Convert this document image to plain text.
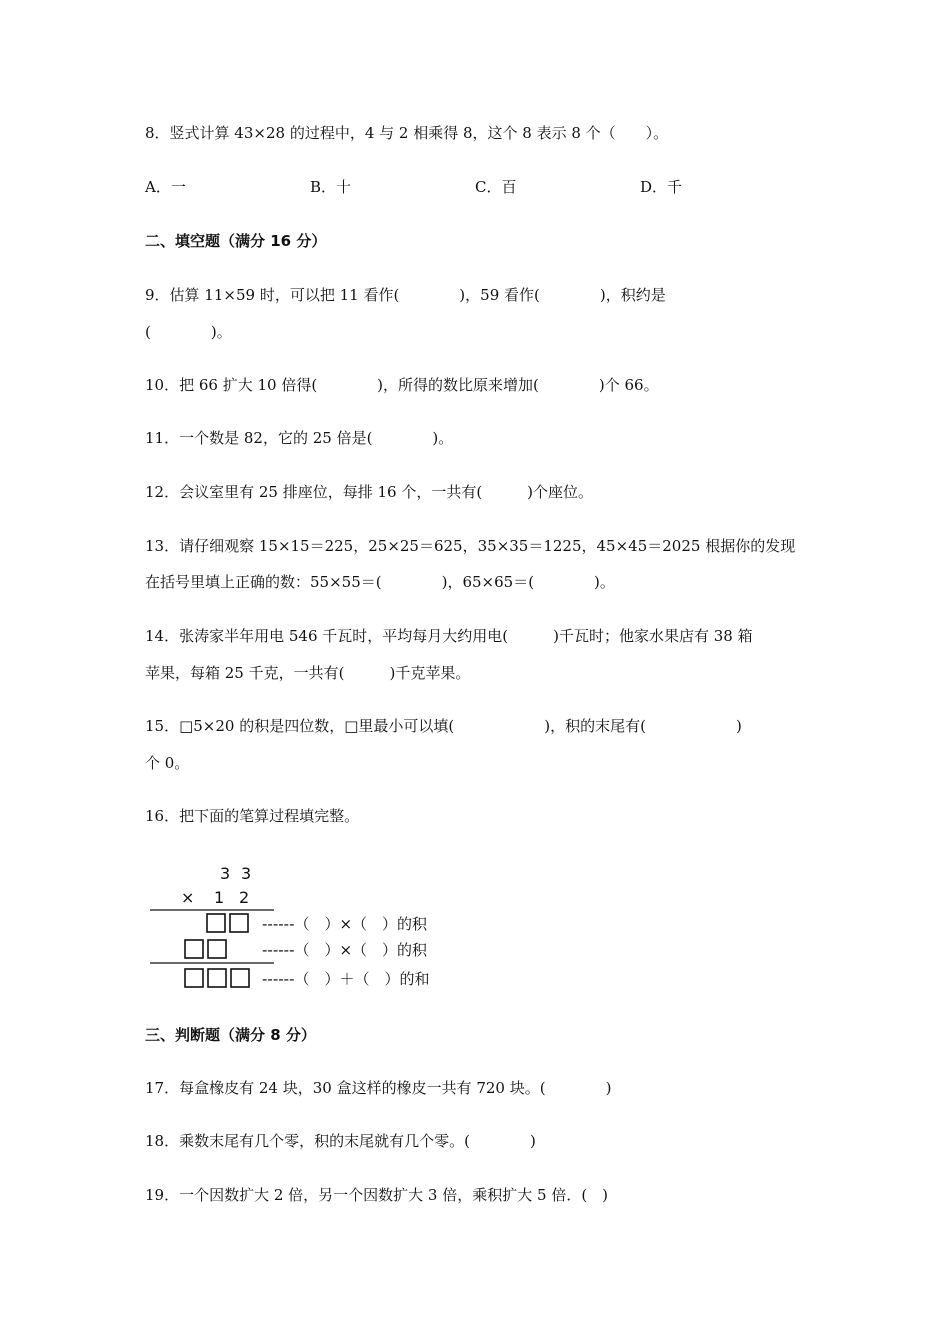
8．竖式计算 43×28 的过程中，4 与 2 相乘得 8，这个 8 表示 8 个（　　）。
A．一	B．十	C．百	D．千
二、填空题（满分 16 分）
9．估算 11×59 时，可以把 11 看作(　　　　)，59 看作(　　　　)，积约是
(　　　　)。
10．把 66 扩大 10 倍得(　　　　)，所得的数比原来增加(　　　　)个 66。
11．一个数是 82，它的 25 倍是(　　　　)。
12．会议室里有 25 排座位，每排 16 个，一共有(　　　)个座位。
13．请仔细观察 15×15＝225，25×25＝625，35×35＝1225，45×45＝2025 根据你的发现
在括号里填上正确的数：55×55＝(　　　　)，65×65＝(　　　　)。
14．张涛家半年用电 546 千瓦时，平均每月大约用电(　　　)千瓦时；他家水果店有 38 箱
苹果，每箱 25 千克，一共有(　　　)千克苹果。
15．□5×20 的积是四位数，□里最小可以填(　　　　　　)，积的末尾有(　　　　　　)
个 0。
16．把下面的笔算过程填完整。
3 3
× 1 2
------（　）×（　）的积
------（　）×（　）的积
------（　）＋（　）的和
三、判断题（满分 8 分）
17．每盒橡皮有 24 块，30 盒这样的橡皮一共有 720 块。(　　　　)
18．乘数末尾有几个零，积的末尾就有几个零。(　　　　)
19．一个因数扩大 2 倍，另一个因数扩大 3 倍，乘积扩大 5 倍．(　)
